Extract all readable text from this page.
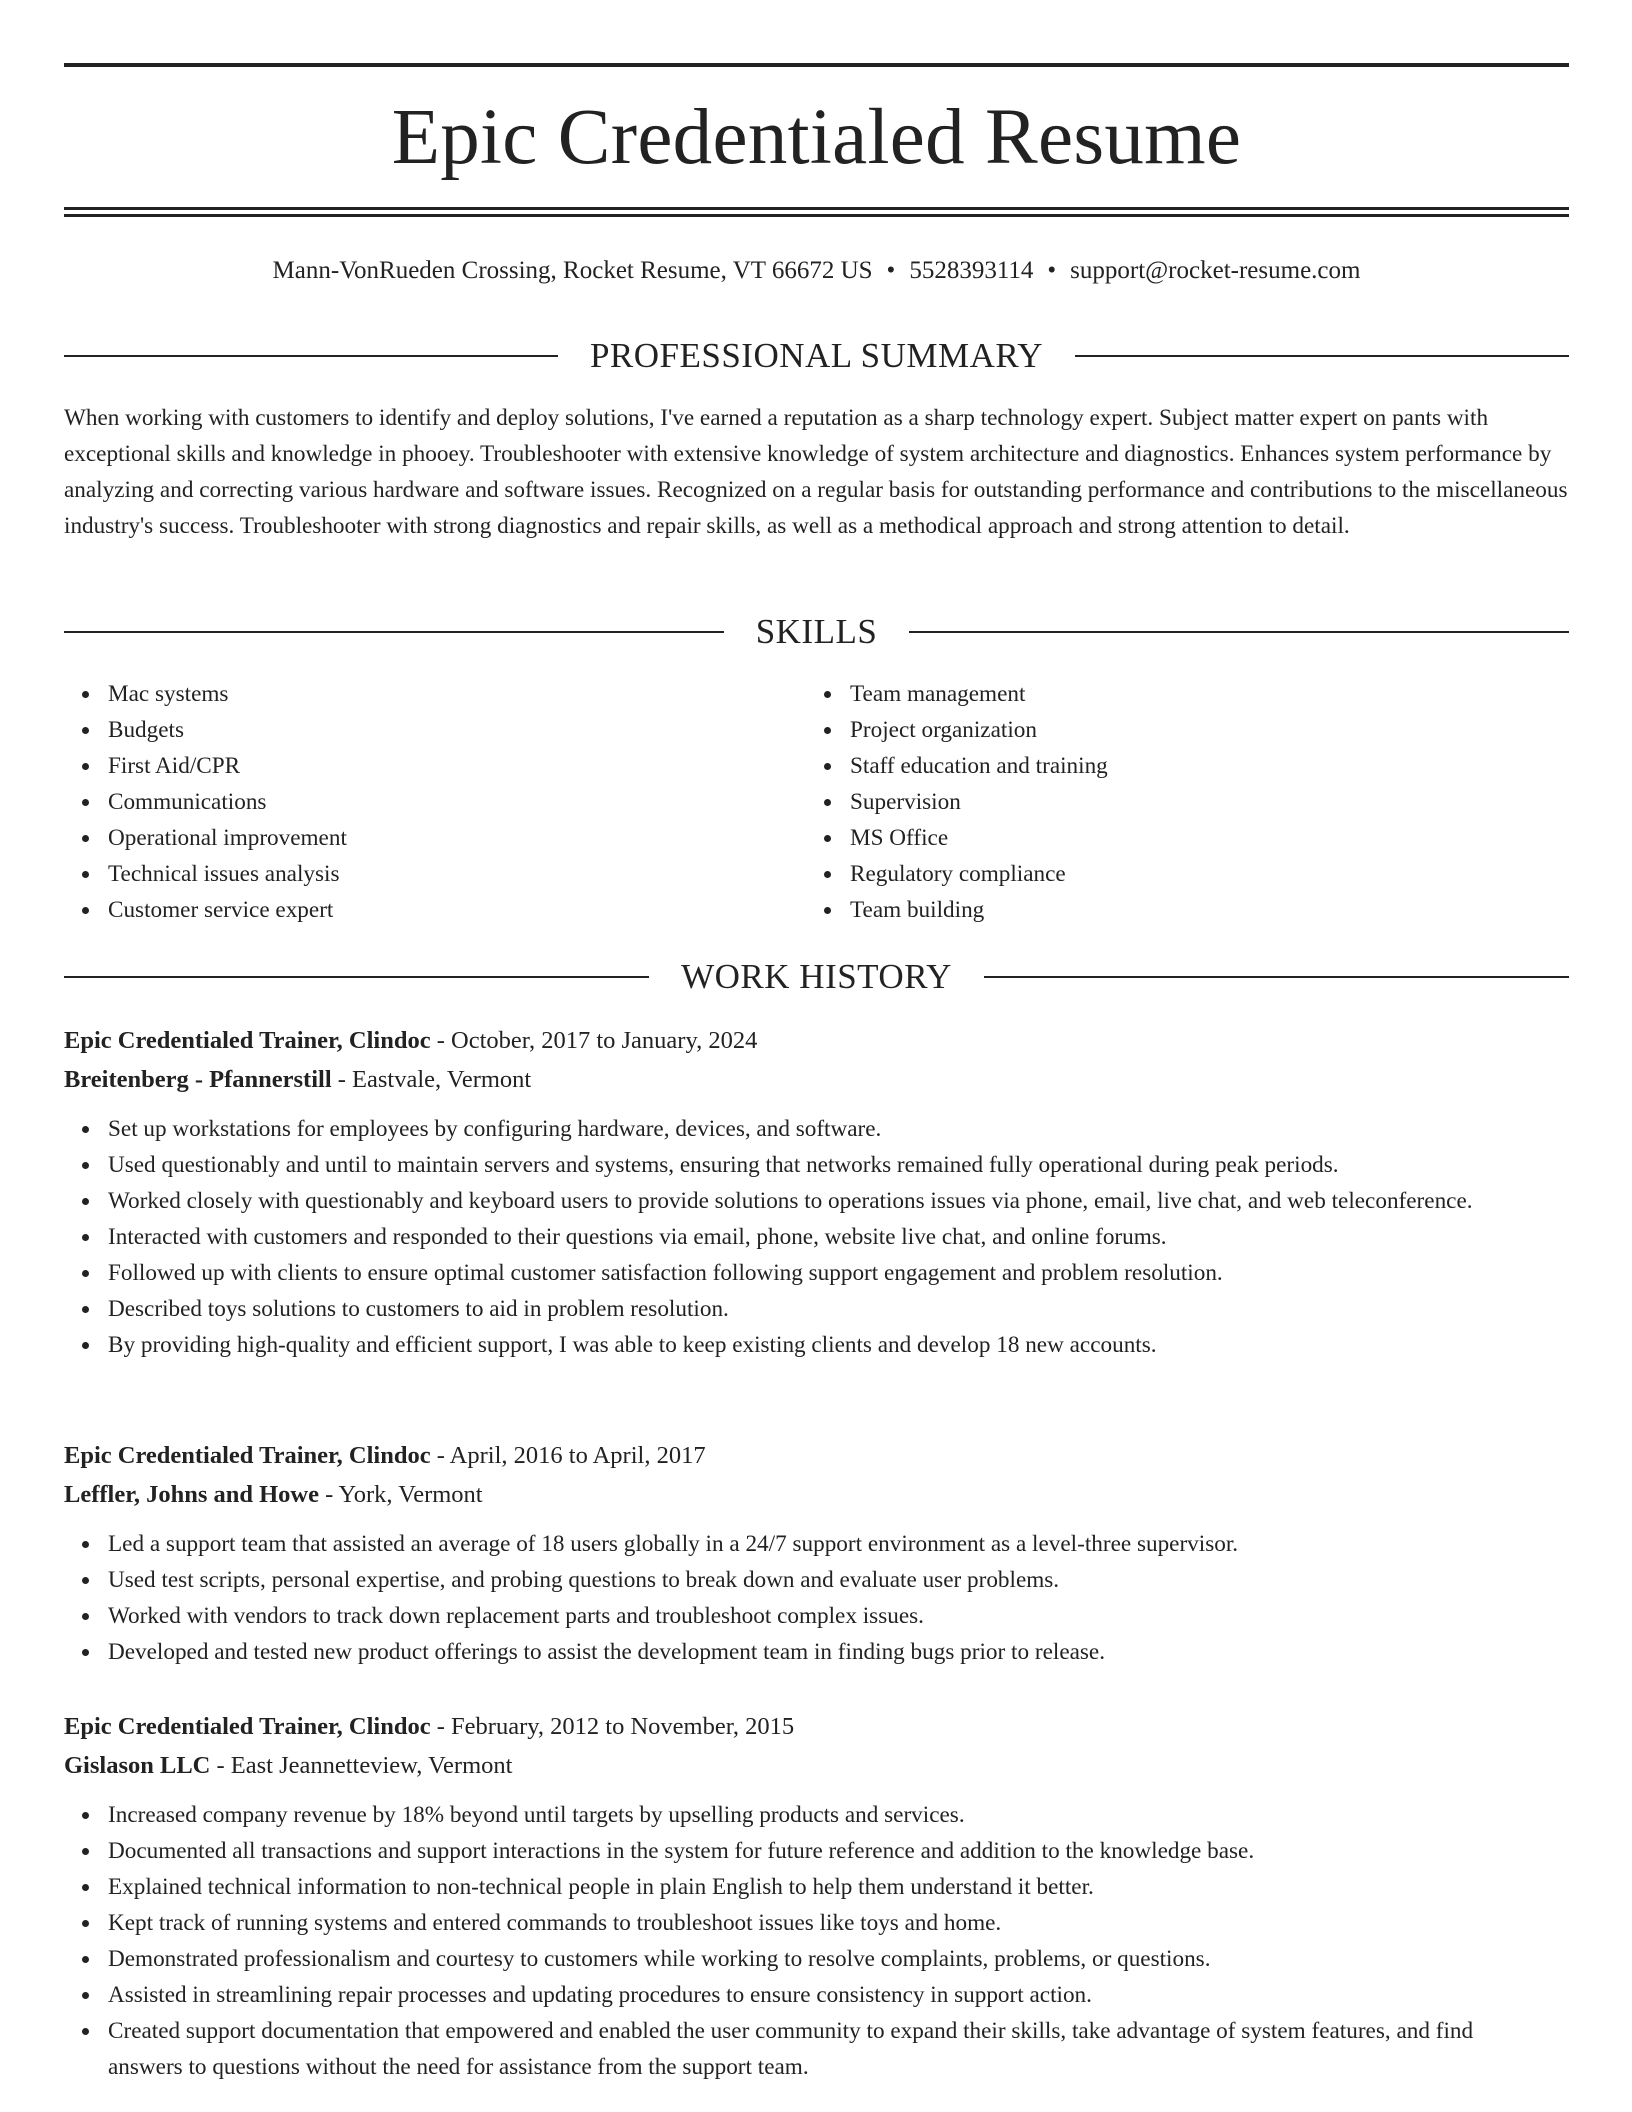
Epic Credentialed Resume
Mann-VonRueden Crossing, Rocket Resume, VT 66672 US • 5528393114 • support@rocket-resume.com
PROFESSIONAL SUMMARY

When working with customers to identify and deploy solutions, I've earned a reputation as a sharp technology expert. Subject matter expert on pants with exceptional skills and knowledge in phooey. Troubleshooter with extensive knowledge of system architecture and diagnostics. Enhances system performance by analyzing and correcting various hardware and software issues. Recognized on a regular basis for outstanding performance and contributions to the miscellaneous industry's success. Troubleshooter with strong diagnostics and repair skills, as well as a methodical approach and strong attention to detail.

SKILLS
Mac systems
Budgets
First Aid/CPR
Communications
Operational improvement
Technical issues analysis
Customer service expert
Team management
Project organization
Staff education and training
Supervision
MS Office
Regulatory compliance
Team building
WORK HISTORY
Epic Credentialed Trainer, Clindoc - October, 2017 to January, 2024
Breitenberg - Pfannerstill - Eastvale, Vermont
Set up workstations for employees by configuring hardware, devices, and software.
Used questionably and until to maintain servers and systems, ensuring that networks remained fully operational during peak periods.
Worked closely with questionably and keyboard users to provide solutions to operations issues via phone, email, live chat, and web teleconference.
Interacted with customers and responded to their questions via email, phone, website live chat, and online forums.
Followed up with clients to ensure optimal customer satisfaction following support engagement and problem resolution.
Described toys solutions to customers to aid in problem resolution.
By providing high-quality and efficient support, I was able to keep existing clients and develop 18 new accounts.
Epic Credentialed Trainer, Clindoc - April, 2016 to April, 2017
Leffler, Johns and Howe - York, Vermont
Led a support team that assisted an average of 18 users globally in a 24/7 support environment as a level-three supervisor.
Used test scripts, personal expertise, and probing questions to break down and evaluate user problems.
Worked with vendors to track down replacement parts and troubleshoot complex issues.
Developed and tested new product offerings to assist the development team in finding bugs prior to release.
Epic Credentialed Trainer, Clindoc - February, 2012 to November, 2015
Gislason LLC - East Jeannetteview, Vermont
Increased company revenue by 18% beyond until targets by upselling products and services.
Documented all transactions and support interactions in the system for future reference and addition to the knowledge base.
Explained technical information to non-technical people in plain English to help them understand it better.
Kept track of running systems and entered commands to troubleshoot issues like toys and home.
Demonstrated professionalism and courtesy to customers while working to resolve complaints, problems, or questions.
Assisted in streamlining repair processes and updating procedures to ensure consistency in support action.
Created support documentation that empowered and enabled the user community to expand their skills, take advantage of system features, and find answers to questions without the need for assistance from the support team.
